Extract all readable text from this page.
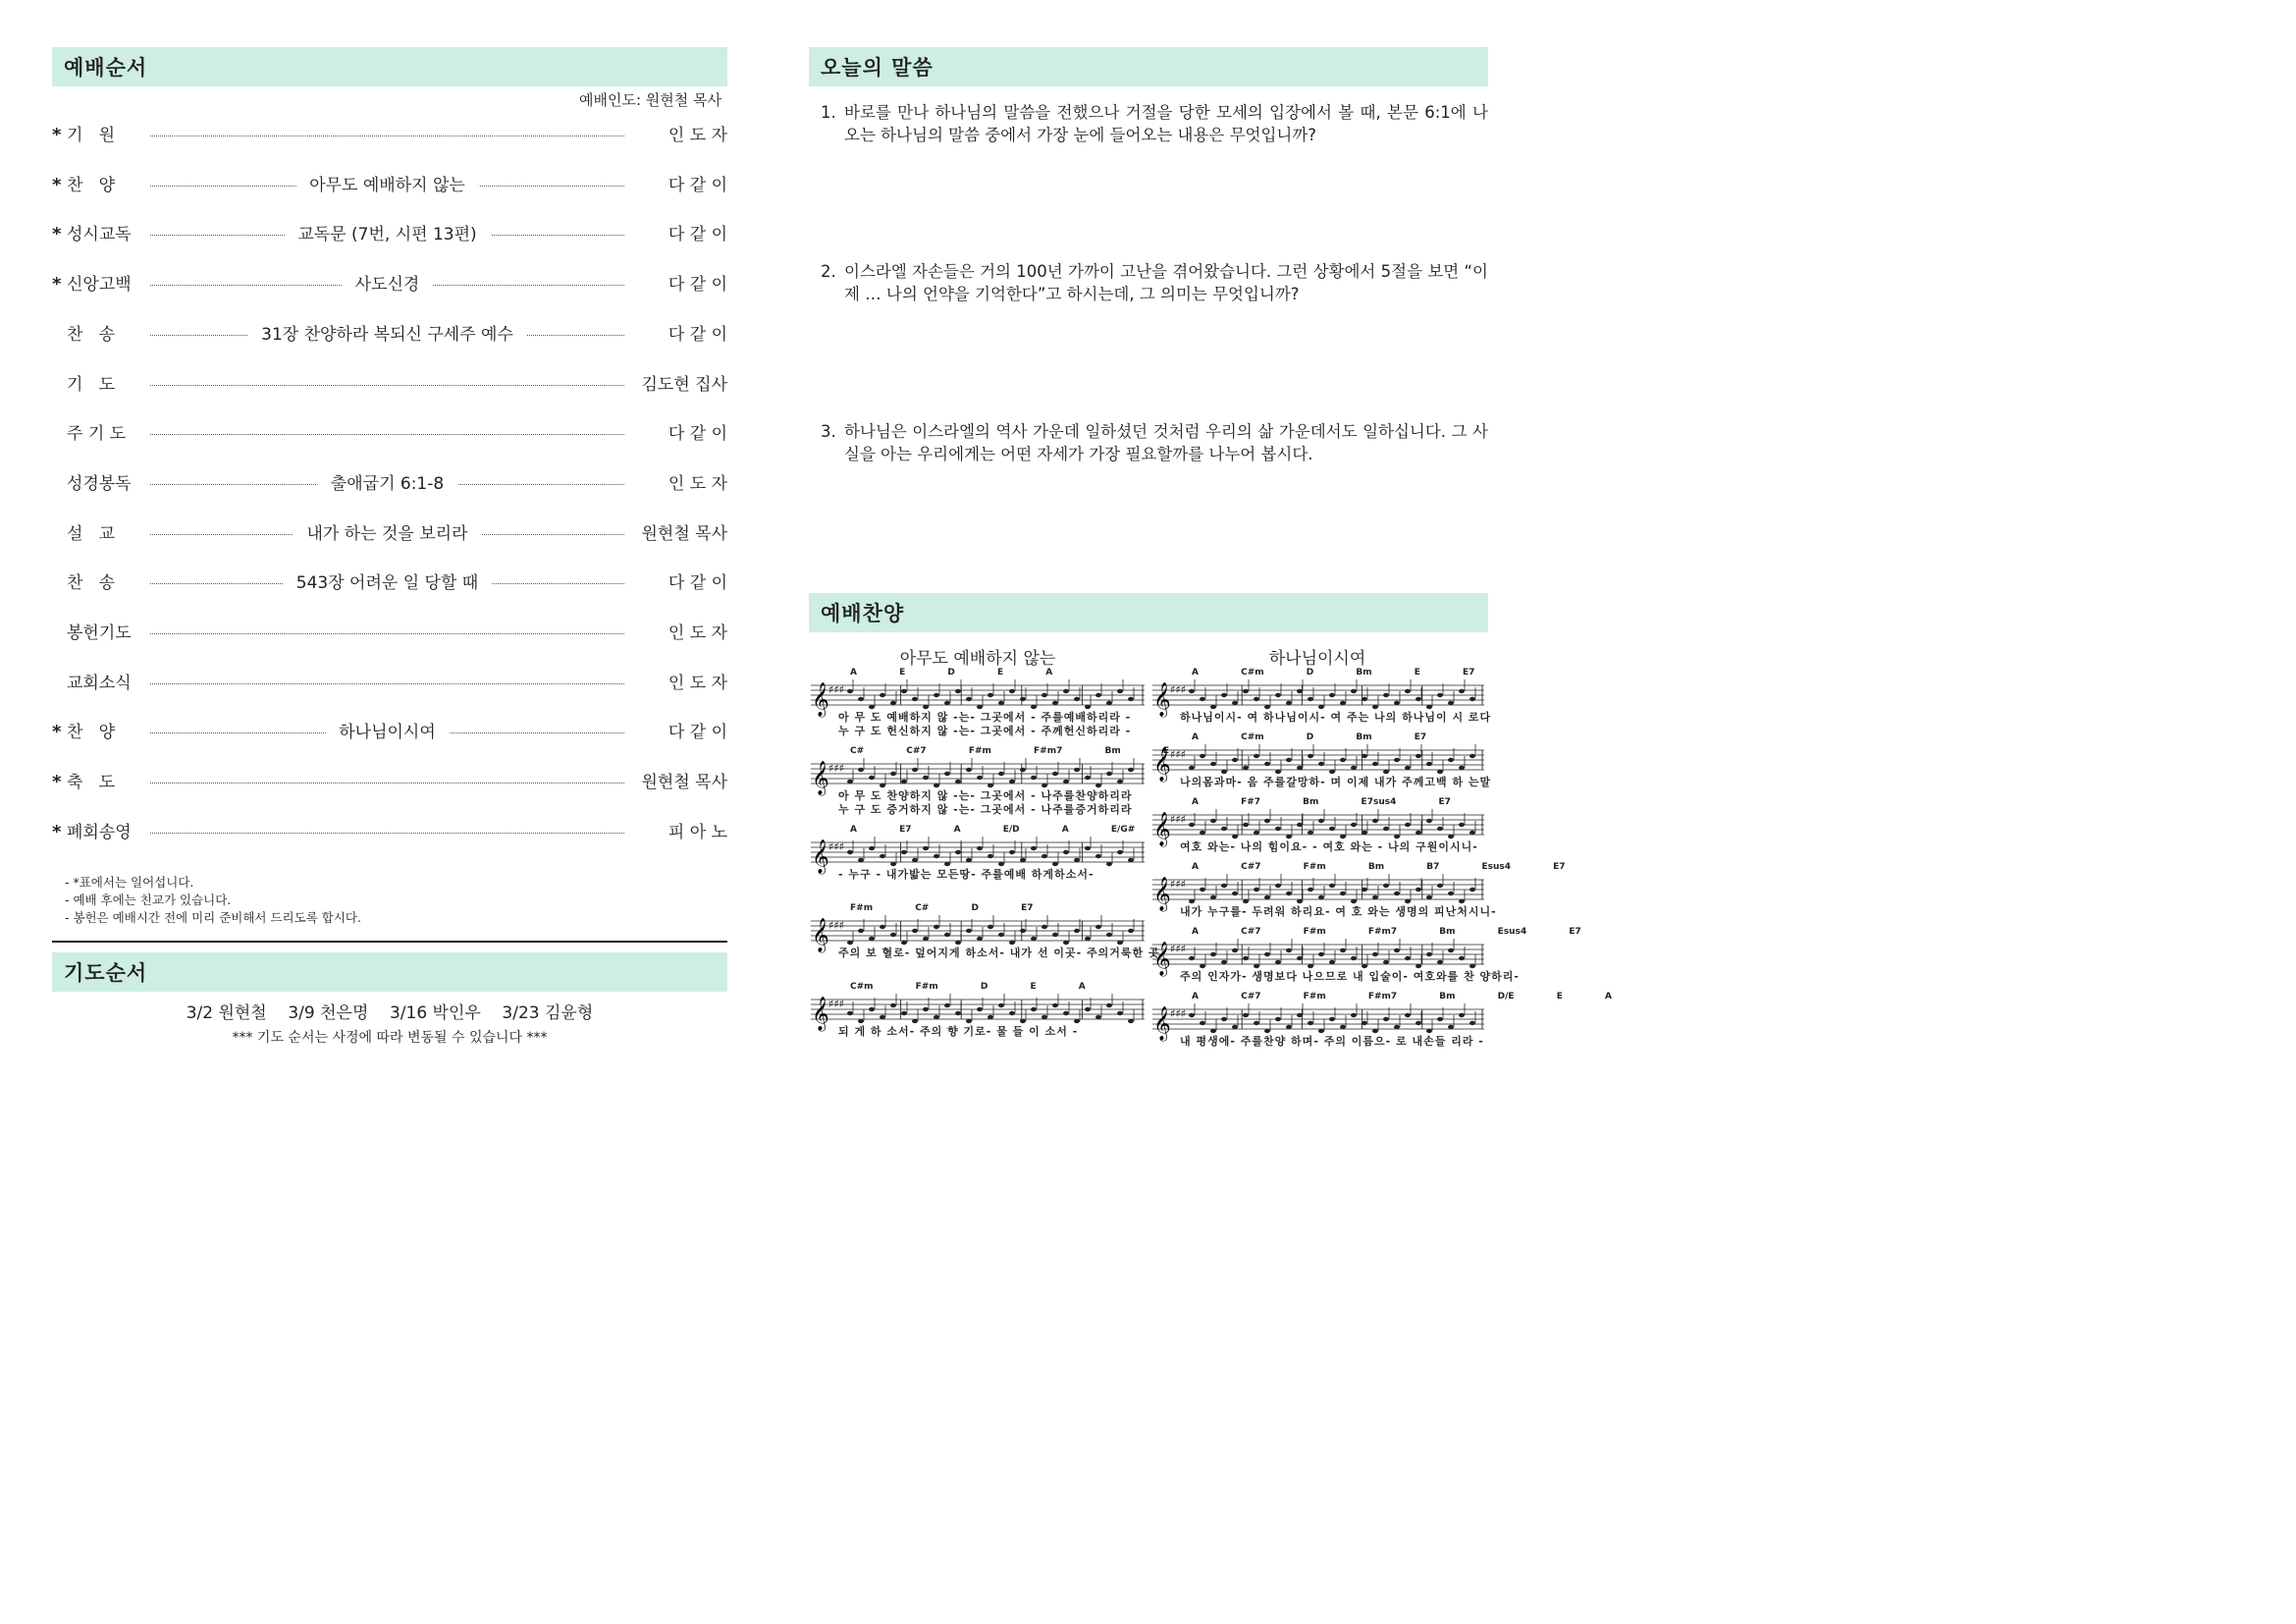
예배순서
예배인도: 원현철 목사
* 기   원	인 도 자
* 찬   양	아무도 예배하지 않는	다 같 이
* 성시교독	교독문 (7번, 시편 13편)	다 같 이
* 신앙고백	사도신경	다 같 이
찬   송	31장 찬양하라 복되신 구세주 예수	다 같 이
기   도	김도현 집사
주 기 도	다 같 이
성경봉독	출애굽기 6:1-8	인 도 자
설   교	내가 하는 것을 보리라	원현철 목사
찬   송	543장 어려운 일 당할 때	다 같 이
봉헌기도	인 도 자
교회소식	인 도 자
* 찬   양	하나님이시여	다 같 이
* 축   도	원현철 목사
* 폐회송영	피 아 노
- *표에서는 일어섭니다.
- 예배 후에는 친교가 있습니다.
- 봉헌은 예배시간 전에 미리 준비해서 드리도록 합시다.
기도순서
3/2 원현철    3/9 천은명    3/16 박인우    3/23 김윤형
*** 기도 순서는 사정에 따라 변동될 수 있습니다 ***
오늘의 말씀
1. 바로를 만나 하나님의 말씀을 전했으나 거절을 당한 모세의 입장에서 볼 때, 본문 6:1에 나오는 하나님의 말씀 중에서 가장 눈에 들어오는 내용은 무엇입니까?
2. 이스라엘 자손들은 거의 100년 가까이 고난을 겪어왔습니다. 그런 상황에서 5절을 보면 “이제 … 나의 언약을 기억한다”고 하시는데, 그 의미는 무엇입니까?
3. 하나님은 이스라엘의 역사 가운데 일하셨던 것처럼 우리의 삶 가운데서도 일하십니다. 그 사실을 아는 우리에게는 어떤 자세가 가장 필요할까를 나누어 봅시다.
예배찬양
아무도 예배하지 않는	하나님이시여
𝄞 ♯♯♯
A E D E A
아 무 도 예배하지 않 -는- 그곳에서 - 주를예배하리라 -
누 구 도 헌신하지 않 -는- 그곳에서 - 주께헌신하리라 -
𝄞 ♯♯♯
C# C#7 F#m F#m7 Bm E
아 무 도 찬양하지 않 -는- 그곳에서 - 나주를찬양하리라
누 구 도 증거하지 않 -는- 그곳에서 - 나주를증거하리라
𝄞 ♯♯♯
A E7 A E/D A E/G#
- 누구 - 내가밟는 모든땅- 주를예배 하게하소서-
𝄞 ♯♯♯
F#m C# D E7
주의 보 혈로- 덮어지게 하소서- 내가 선 이곳- 주의거룩한 곳
𝄞 ♯♯♯
C#m F#m D E A
되 게 하 소서- 주의 향 기로- 물 들 이 소서 -
𝄞 ♯♯♯
A C#m D Bm E E7
하나님이시- 여 하나님이시- 여 주는 나의 하나님이 시 로다
𝄞 ♯♯♯
A C#m D Bm E7
나의몸과마- 음 주를갈망하- 며 이제 내가 주께고백 하 는말
𝄞 ♯♯♯
A F#7 Bm E7sus4 E7
여호 와는- 나의 힘이요- - 여호 와는 - 나의 구원이시니-
𝄞 ♯♯♯
A C#7 F#m Bm B7 Esus4 E7
내가 누구를- 두려워 하리요- 여 호 와는 생명의 피난처시니-
𝄞 ♯♯♯
A C#7 F#m F#m7 Bm Esus4 E7
주의 인자가- 생명보다 나으므로 내 입술이- 여호와를 찬 양하리-
𝄞 ♯♯♯
A C#7 F#m F#m7 Bm D/E E A
내 평생에- 주를찬양 하며- 주의 이름으- 로 내손들 리라 -
